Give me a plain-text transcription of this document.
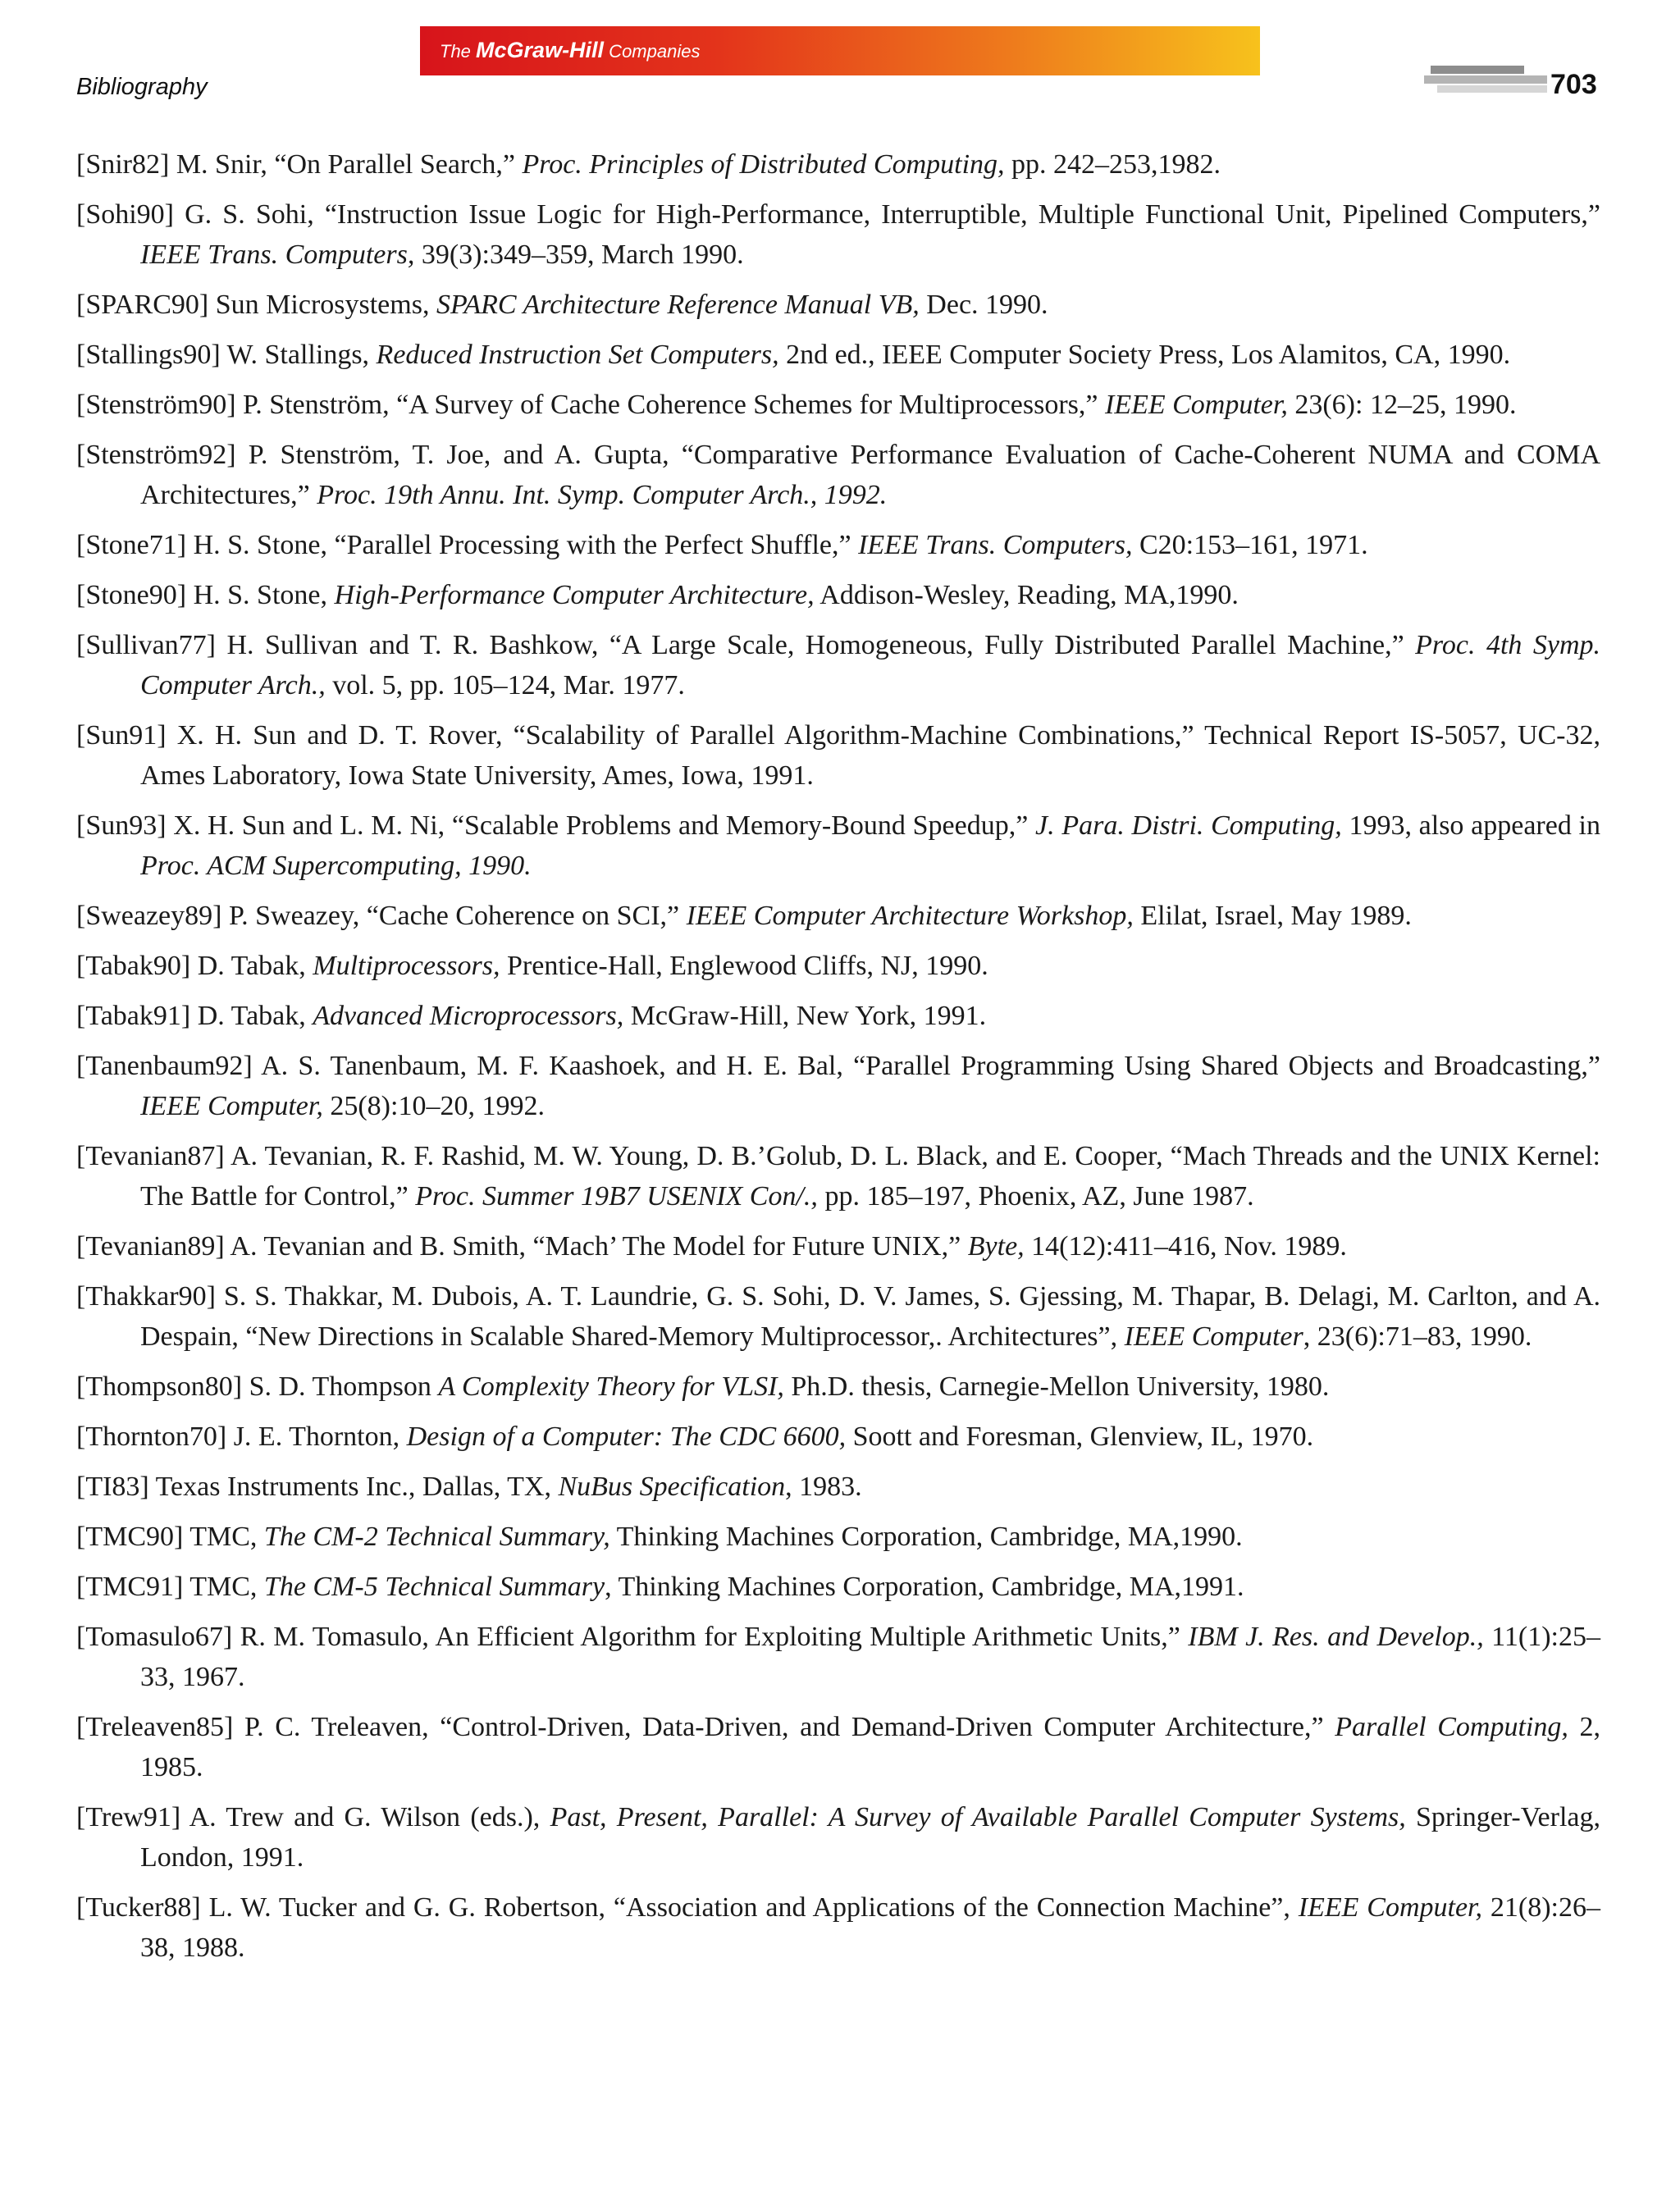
The McGraw-Hill Companies
Bibliography	703

[Snir82] M. Snir, “On Parallel Search,” Proc. Principles of Distributed Computing, pp. 242–253,1982.

[Sohi90] G. S. Sohi, “Instruction Issue Logic for High-Performance, Interruptible, Multiple Functional Unit, Pipelined Computers,” IEEE Trans. Computers, 39(3):349–359, March 1990.

[SPARC90] Sun Microsystems, SPARC Architecture Reference Manual VB, Dec. 1990.

[Stallings90] W. Stallings, Reduced Instruction Set Computers, 2nd ed., IEEE Computer Society Press, Los Alamitos, CA, 1990.

[Stenström90] P. Stenström, “A Survey of Cache Coherence Schemes for Multiprocessors,” IEEE Computer, 23(6): 12–25, 1990.

[Stenström92] P. Stenström, T. Joe, and A. Gupta, “Comparative Performance Evaluation of Cache-Coherent NUMA and COMA Architectures,” Proc. 19th Annu. Int. Symp. Computer Arch., 1992.

[Stone71] H. S. Stone, “Parallel Processing with the Perfect Shuffle,” IEEE Trans. Computers, C20:153–161, 1971.

[Stone90] H. S. Stone, High-Performance Computer Architecture, Addison-Wesley, Reading, MA,1990.

[Sullivan77] H. Sullivan and T. R. Bashkow, “A Large Scale, Homogeneous, Fully Distributed Parallel Machine,” Proc. 4th Symp. Computer Arch., vol. 5, pp. 105–124, Mar. 1977.

[Sun91] X. H. Sun and D. T. Rover, “Scalability of Parallel Algorithm-Machine Combinations,” Technical Report IS-5057, UC-32, Ames Laboratory, Iowa State University, Ames, Iowa, 1991.

[Sun93] X. H. Sun and L. M. Ni, “Scalable Problems and Memory-Bound Speedup,” J. Para. Distri. Computing, 1993, also appeared in Proc. ACM Supercomputing, 1990.

[Sweazey89] P. Sweazey, “Cache Coherence on SCI,” IEEE Computer Architecture Workshop, Elilat, Israel, May 1989.

[Tabak90] D. Tabak, Multiprocessors, Prentice-Hall, Englewood Cliffs, NJ, 1990.

[Tabak91] D. Tabak, Advanced Microprocessors, McGraw-Hill, New York, 1991.

[Tanenbaum92] A. S. Tanenbaum, M. F. Kaashoek, and H. E. Bal, “Parallel Programming Using Shared Objects and Broadcasting,” IEEE Computer, 25(8):10–20, 1992.

[Tevanian87] A. Tevanian, R. F. Rashid, M. W. Young, D. B.’Golub, D. L. Black, and E. Cooper, “Mach Threads and the UNIX Kernel: The Battle for Control,” Proc. Summer 19B7 USENIX Con/., pp. 185–197, Phoenix, AZ, June 1987.

[Tevanian89] A. Tevanian and B. Smith, “Mach’ The Model for Future UNIX,” Byte, 14(12):411–416, Nov. 1989.

[Thakkar90] S. S. Thakkar, M. Dubois, A. T. Laundrie, G. S. Sohi, D. V. James, S. Gjessing, M. Thapar, B. Delagi, M. Carlton, and A. Despain, “New Directions in Scalable Shared-Memory Multiprocessor,. Architectures”, IEEE Computer, 23(6):71–83, 1990.

[Thompson80] S. D. Thompson A Complexity Theory for VLSI, Ph.D. thesis, Carnegie-Mellon University, 1980.

[Thornton70] J. E. Thornton, Design of a Computer: The CDC 6600, Soott and Foresman, Glenview, IL, 1970.

[TI83] Texas Instruments Inc., Dallas, TX, NuBus Specification, 1983.

[TMC90] TMC, The CM-2 Technical Summary, Thinking Machines Corporation, Cambridge, MA,1990.

[TMC91] TMC, The CM-5 Technical Summary, Thinking Machines Corporation, Cambridge, MA,1991.

[Tomasulo67] R. M. Tomasulo, An Efficient Algorithm for Exploiting Multiple Arithmetic Units,” IBM J. Res. and Develop., 11(1):25–33, 1967.

[Treleaven85] P. C. Treleaven, “Control-Driven, Data-Driven, and Demand-Driven Computer Architecture,” Parallel Computing, 2, 1985.

[Trew91] A. Trew and G. Wilson (eds.), Past, Present, Parallel: A Survey of Available Parallel Computer Systems, Springer-Verlag, London, 1991.

[Tucker88] L. W. Tucker and G. G. Robertson, “Association and Applications of the Connection Machine”, IEEE Computer, 21(8):26–38, 1988.
